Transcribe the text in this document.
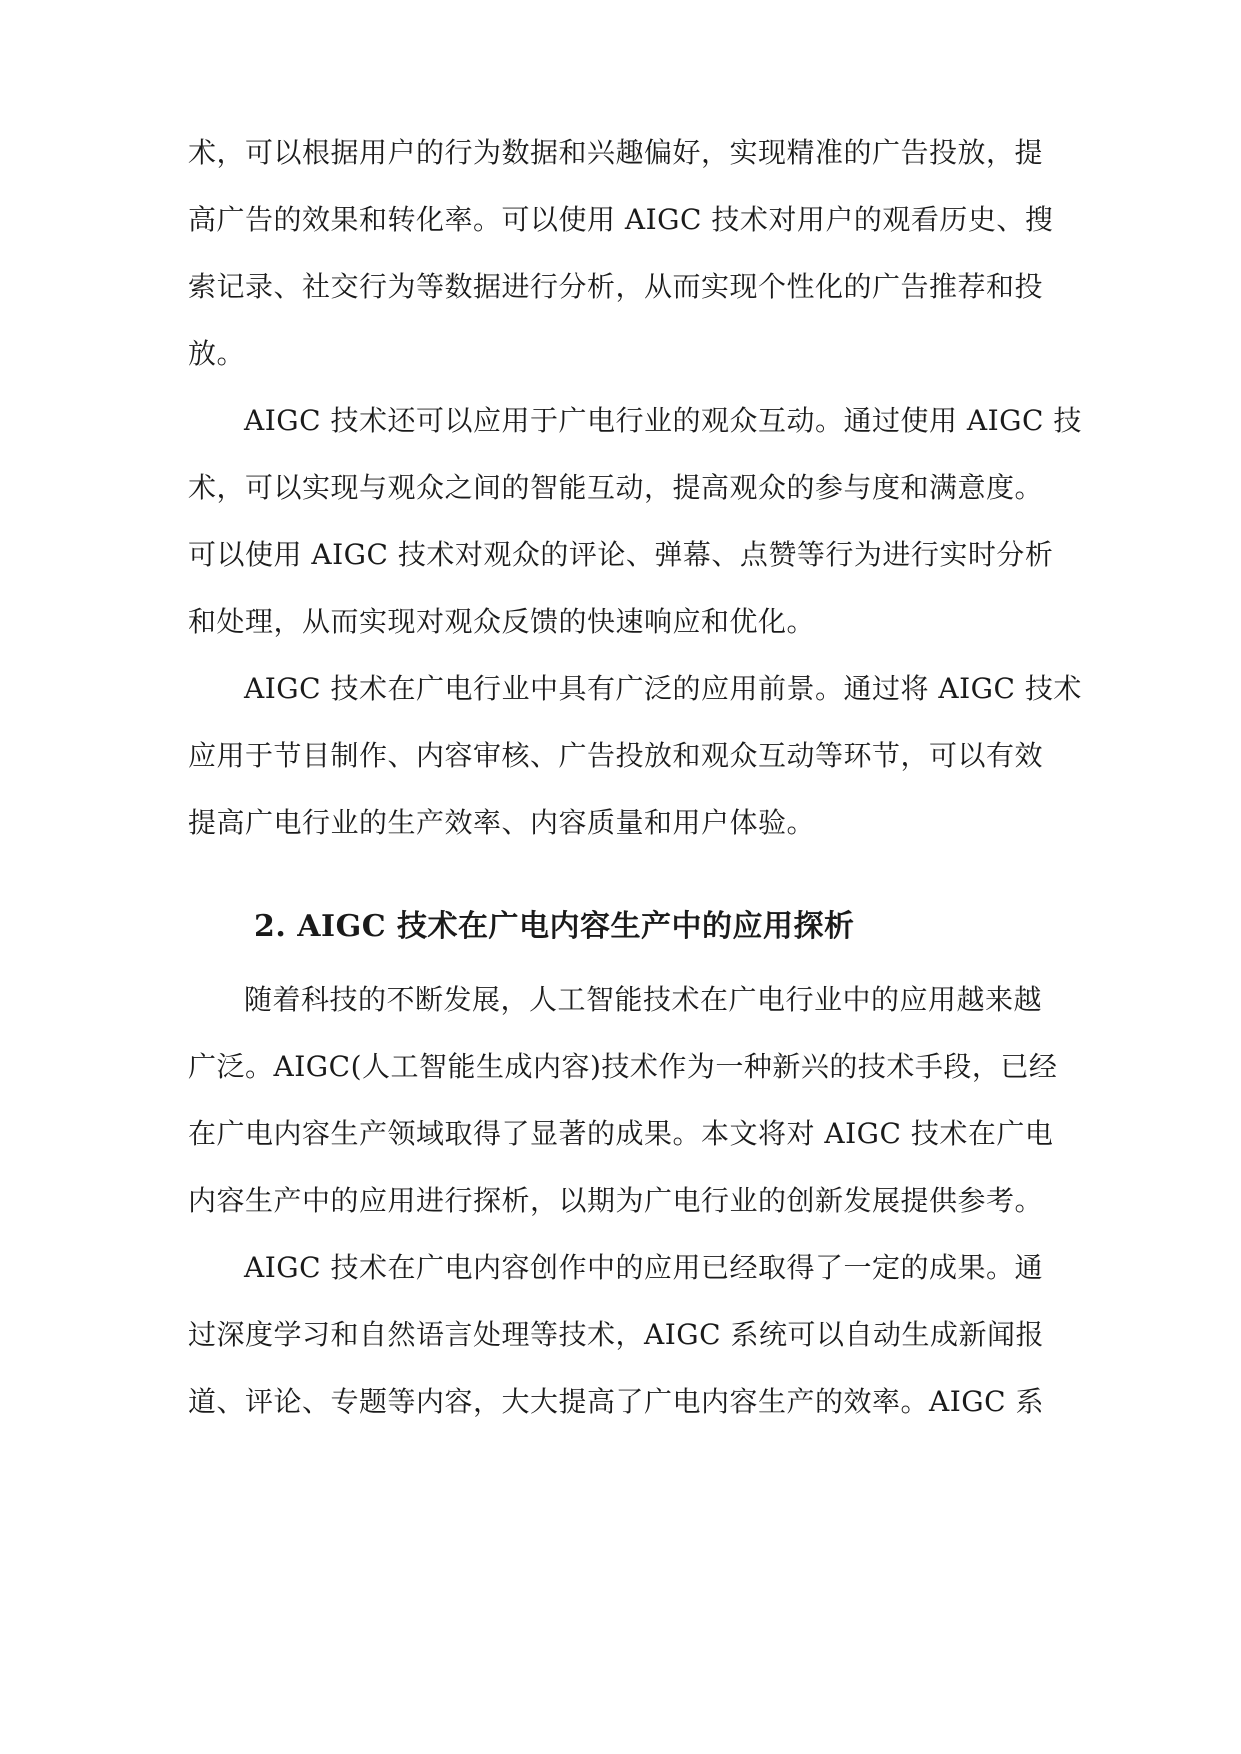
术，可以根据用户的行为数据和兴趣偏好，实现精准的广告投放，提
高广告的效果和转化率。可以使用 AIGC 技术对用户的观看历史、搜
索记录、社交行为等数据进行分析，从而实现个性化的广告推荐和投
放。
AIGC 技术还可以应用于广电行业的观众互动。通过使用 AIGC 技
术，可以实现与观众之间的智能互动，提高观众的参与度和满意度。
可以使用 AIGC 技术对观众的评论、弹幕、点赞等行为进行实时分析
和处理，从而实现对观众反馈的快速响应和优化。
AIGC 技术在广电行业中具有广泛的应用前景。通过将 AIGC 技术
应用于节目制作、内容审核、广告投放和观众互动等环节，可以有效
提高广电行业的生产效率、内容质量和用户体验。
2. AIGC 技术在广电内容生产中的应用探析
随着科技的不断发展，人工智能技术在广电行业中的应用越来越
广泛。AIGC(人工智能生成内容)技术作为一种新兴的技术手段，已经
在广电内容生产领域取得了显著的成果。本文将对 AIGC 技术在广电
内容生产中的应用进行探析，以期为广电行业的创新发展提供参考。
AIGC 技术在广电内容创作中的应用已经取得了一定的成果。通
过深度学习和自然语言处理等技术，AIGC 系统可以自动生成新闻报
道、评论、专题等内容，大大提高了广电内容生产的效率。AIGC 系
